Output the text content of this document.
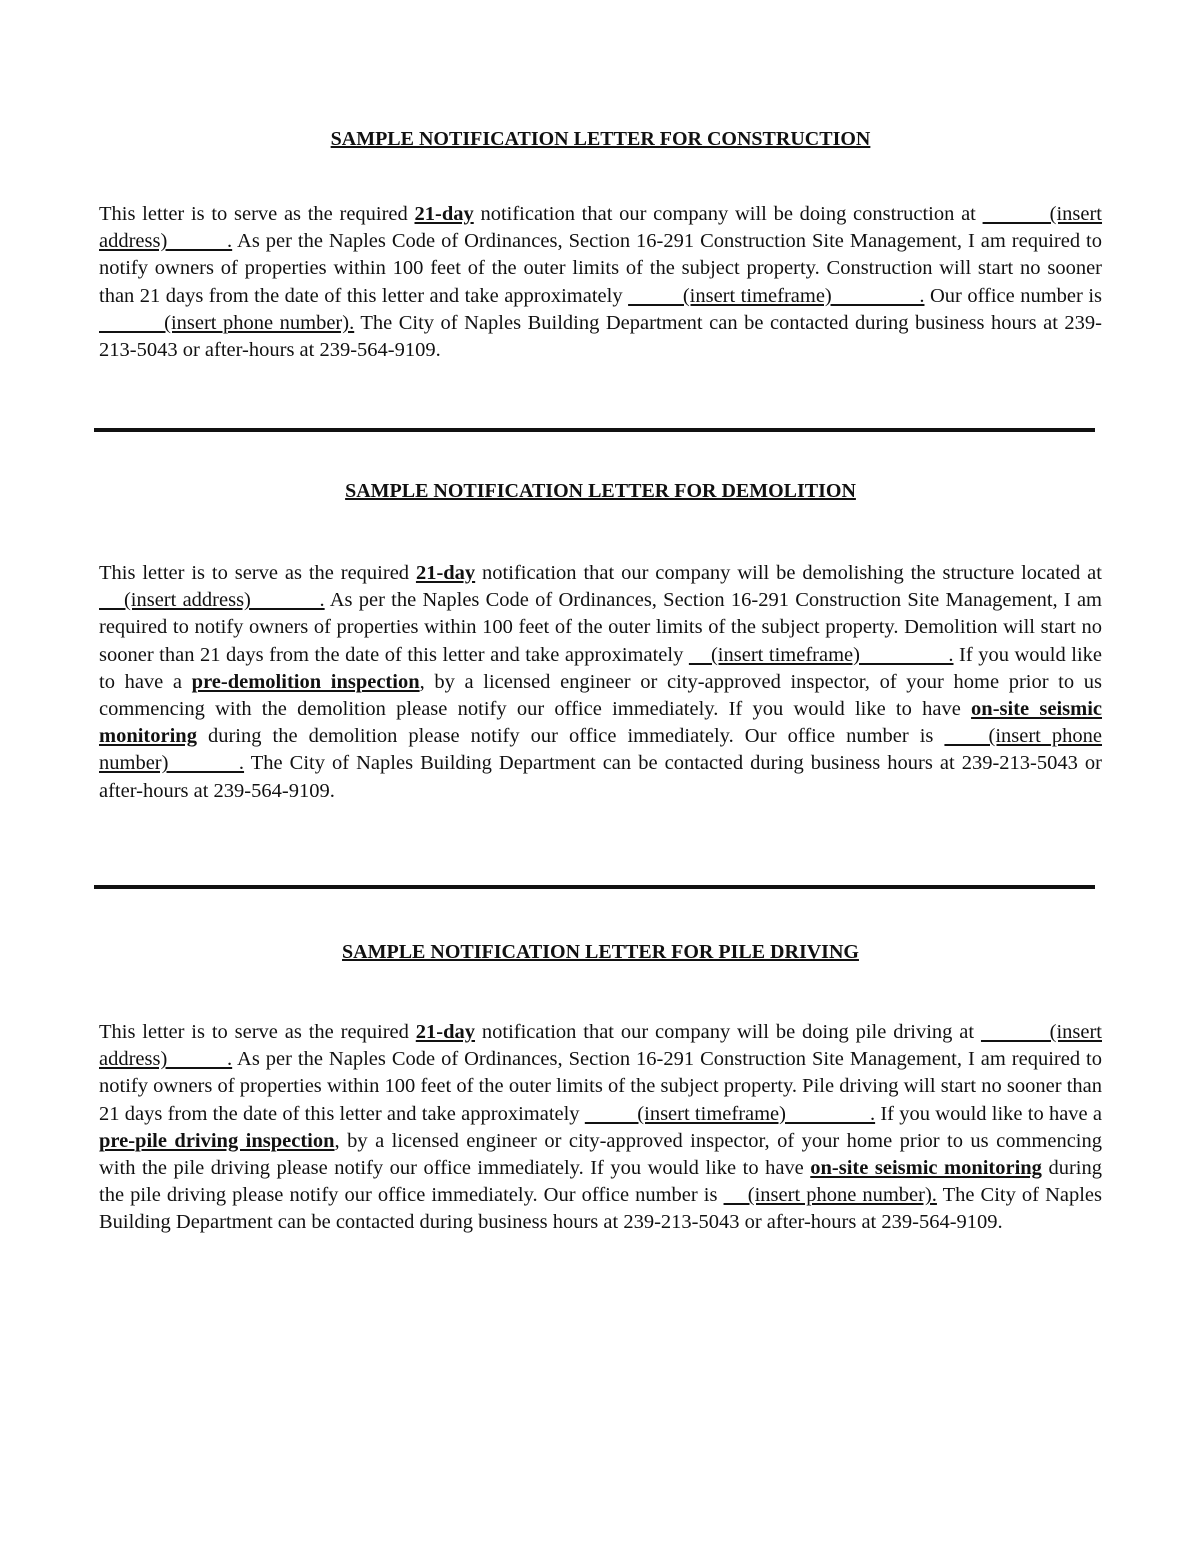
SAMPLE NOTIFICATION LETTER FOR CONSTRUCTION

This letter is to serve as the required 21-day notification that our company will be doing construction at           (insert address)          . As per the Naples Code of Ordinances, Section 16-291 Construction Site Management, I am required to notify owners of properties within 100 feet of the outer limits of the subject property. Construction will start no sooner than 21 days from the date of this letter and take approximately           (insert timeframe)                . Our office number is           (insert phone number). The City of Naples Building Department can be contacted during business hours at 239-213-5043 or after-hours at 239-564-9109.

SAMPLE NOTIFICATION LETTER FOR DEMOLITION

This letter is to serve as the required 21-day notification that our company will be demolishing the structure located at     (insert address)           . As per the Naples Code of Ordinances, Section 16-291 Construction Site Management, I am required to notify owners of properties within 100 feet of the outer limits of the subject property. Demolition will start no sooner than 21 days from the date of this letter and take approximately     (insert timeframe)                . If you would like to have a pre-demolition inspection, by a licensed engineer or city-approved inspector, of your home prior to us commencing with the demolition please notify our office immediately. If you would like to have on-site seismic monitoring during the demolition please notify our office immediately. Our office number is     (insert phone number)          . The City of Naples Building Department can be contacted during business hours at 239-213-5043 or after-hours at 239-564-9109.

SAMPLE NOTIFICATION LETTER FOR PILE DRIVING

This letter is to serve as the required 21-day notification that our company will be doing pile driving at           (insert address)          . As per the Naples Code of Ordinances, Section 16-291 Construction Site Management, I am required to notify owners of properties within 100 feet of the outer limits of the subject property. Pile driving will start no sooner than 21 days from the date of this letter and take approximately           (insert timeframe)                . If you would like to have a pre-pile driving inspection, by a licensed engineer or city-approved inspector, of your home prior to us commencing with the pile driving please notify our office immediately. If you would like to have on-site seismic monitoring during the pile driving please notify our office immediately. Our office number is     (insert phone number). The City of Naples Building Department can be contacted during business hours at 239-213-5043 or after-hours at 239-564-9109.
